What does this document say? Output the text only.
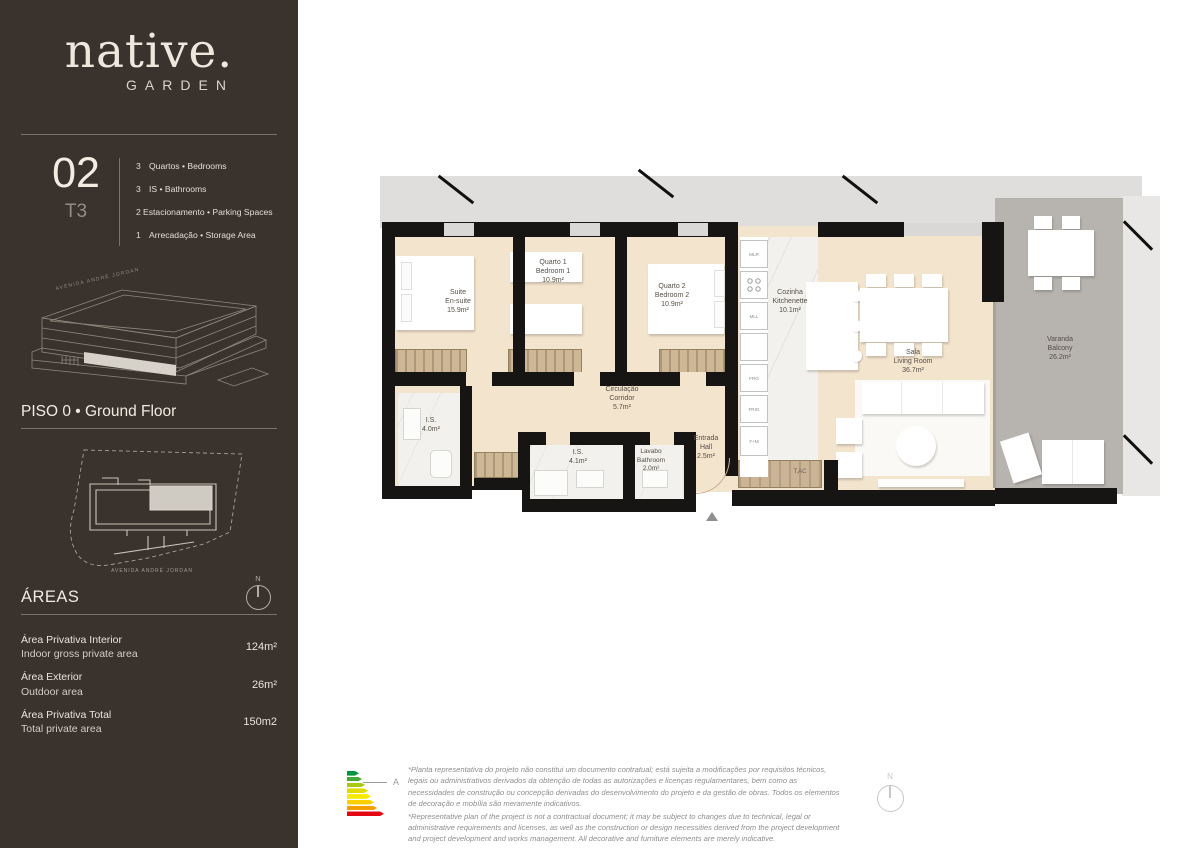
native.
GARDEN
02
T3
3 Quartos • Bedrooms
3 IS • Bathrooms
2 Estacionamento • Parking Spaces
1 Arrecadação • Storage Area
AVENIDA ANDRÉ JORDAN
PISO 0 • Ground Floor
AVENIDA ANDRÉ JORDAN
ÁREAS
N
Área Privativa Interior
Indoor gross private area
124m²
Área Exterior
Outdoor area
26m²
Área Privativa Total
Total private area
150m2
T.AC
MLR
MLL
FRG
FRIG
F+M
Suite
En-suite
15.9m²
Quarto 1
Bedroom 1
10.9m²
Quarto 2
Bedroom 2
10.9m²
Cozinha
Kitchenette
10.1m²
Sala
Living Room
36.7m²
Varanda
Balcony
26.2m²
Circulação
Corridor
5.7m²
I.S.
4.0m²
I.S.
4.1m²
Lavabo
Bathroom
2.0m²
Entrada
Hall
2.5m²
A

*Planta representativa do projeto não constitui um documento contratual; está sujeita a modificações por requisitos técnicos, legais ou administrativos derivados da obtenção de todas as autorizações e licenças regulamentares, bem como as necessidades de construção ou concepção derivadas do desenvolvimento do projeto e da gestão de obras. Todos os elementos de decoração e mobília são meramente indicativos.

*Representative plan of the project is not a contractual document; it may be subject to changes due to technical, legal or administrative requirements and licenses, as well as the construction or design necessities derived from the project development and project development and works management. All decorative and furniture elements are merely indicative.

N
